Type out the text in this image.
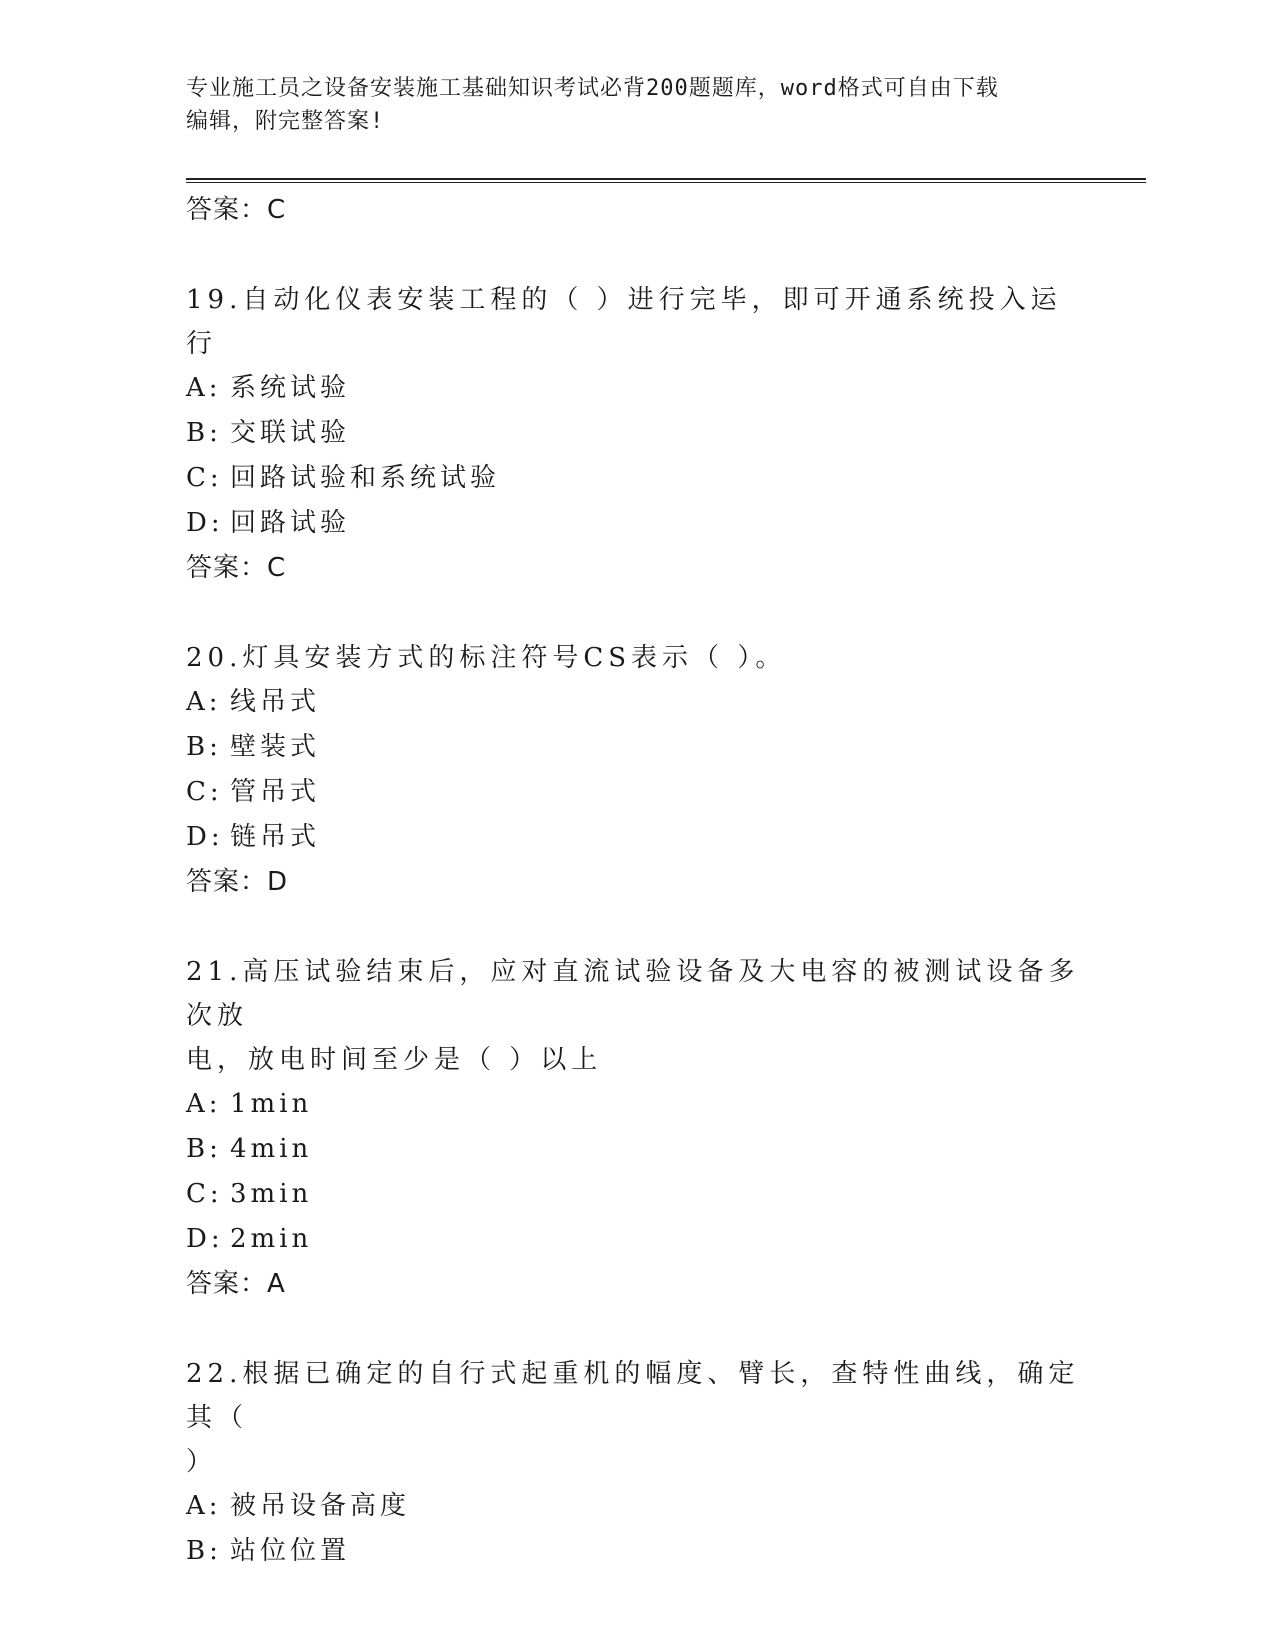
专业施工员之设备安装施工基础知识考试必背200题题库，word格式可自由下载
编辑，附完整答案!

答案：C

19.自动化仪表安装工程的（ ）进行完毕，即可开通系统投入运行

A: 系统试验

B: 交联试验

C: 回路试验和系统试验

D: 回路试验

答案：C

20.灯具安装方式的标注符号CS表示（ ）。

A: 线吊式

B: 壁装式

C: 管吊式

D: 链吊式

答案：D

21.高压试验结束后，应对直流试验设备及大电容的被测试设备多次放

电，放电时间至少是（ ）以上

A: 1min

B: 4min

C: 3min

D: 2min

答案：A

22.根据已确定的自行式起重机的幅度、臂长，查特性曲线，确定其（

）

A: 被吊设备高度

B: 站位位置
